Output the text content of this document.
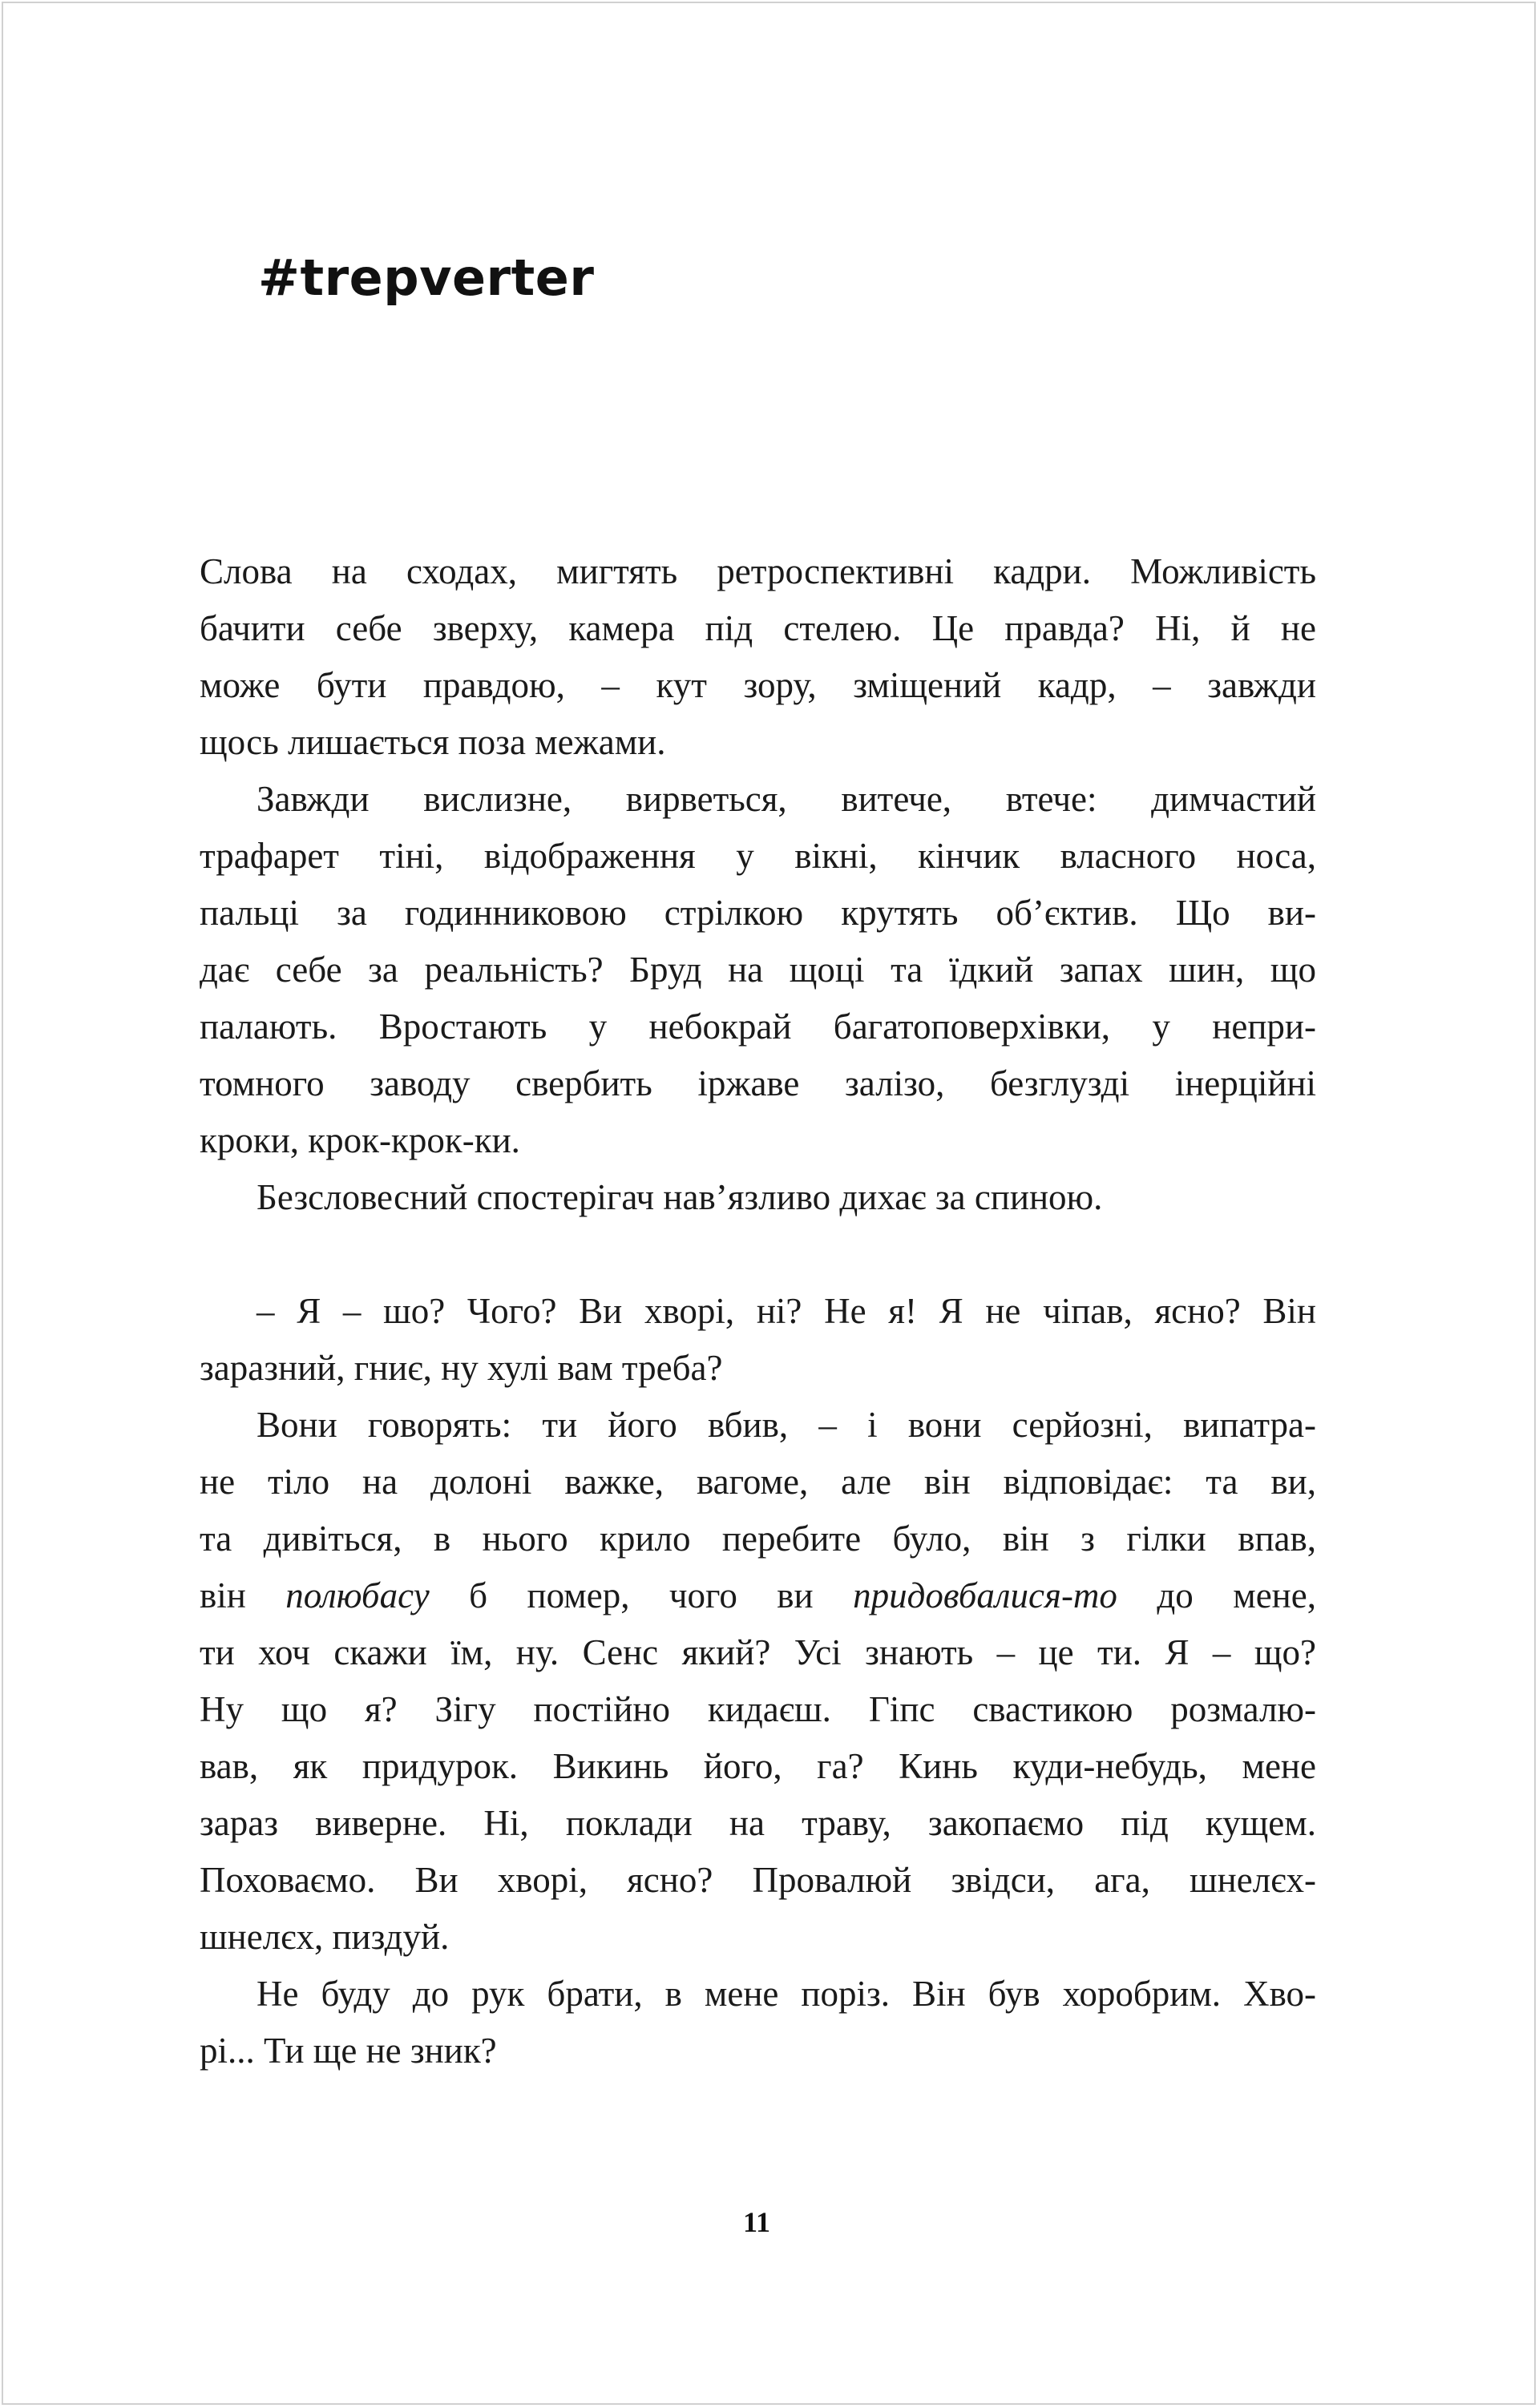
#trepverter
Слова на сходах, мигтять ретроспективні кадри. Можливість
бачити себе зверху, камера під стелею. Це правда? Ні, й не
може бути правдою, – кут зору, зміщений кадр, – завжди
щось лишається поза межами.
Завжди вислизне, вирветься, витече, втече: димчастий
трафарет тіні, відображення у вікні, кінчик власного носа,
пальці за годинниковою стрілкою крутять об’єктив. Що ви-
дає себе за реальність? Бруд на щоці та їдкий запах шин, що
палають. Вростають у небокрай багатоповерхівки, у непри-
томного заводу свербить іржаве залізо, безглузді інерційні
кроки, крок-крок-ки.
Безсловесний спостерігач нав’язливо дихає за спиною.
– Я – шо? Чого? Ви хворі, ні? Не я! Я не чіпав, ясно? Він
заразний, гниє, ну хулі вам треба?
Вони говорять: ти його вбив, – і вони серйозні, випатра-
не тіло на долоні важке, вагоме, але він відповідає: та ви,
та дивіться, в нього крило перебите було, він з гілки впав,
він полюбасу б помер, чого ви придовбалися-то до мене,
ти хоч скажи їм, ну. Сенс який? Усі знають – це ти. Я – що?
Ну що я? Зігу постійно кидаєш. Гіпс свастикою розмалю-
вав, як придурок. Викинь його, га? Кинь куди-небудь, мене
зараз виверне. Ні, поклади на траву, закопаємо під кущем.
Поховаємо. Ви хворі, ясно? Провалюй звідси, ага, шнелєх-
шнелєх, пиздуй.
Не буду до рук брати, в мене поріз. Він був хоробрим. Хво-
рі... Ти ще не зник?
11
